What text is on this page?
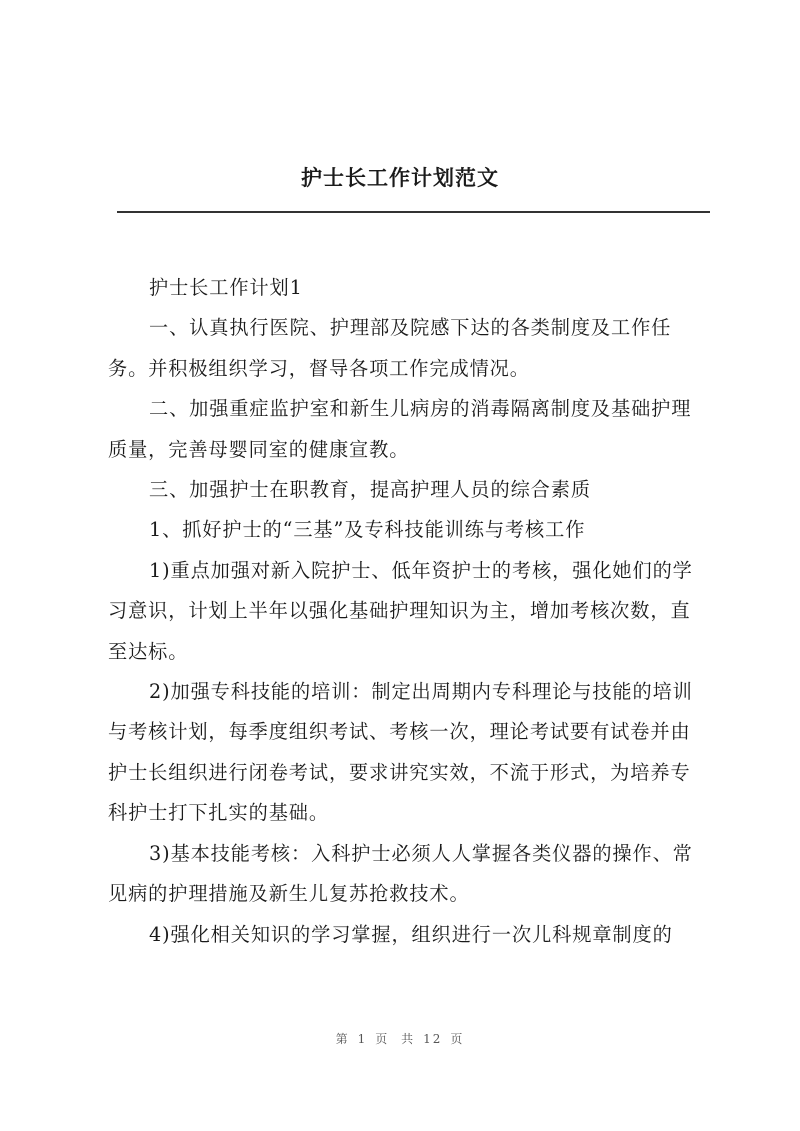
护士长工作计划范文

护士长工作计划1

一、认真执行医院、护理部及院感下达的各类制度及工作任务。并积极组织学习，督导各项工作完成情况。

二、加强重症监护室和新生儿病房的消毒隔离制度及基础护理质量，完善母婴同室的健康宣教。

三、加强护士在职教育，提高护理人员的综合素质

1、抓好护士的“三基”及专科技能训练与考核工作

1)重点加强对新入院护士、低年资护士的考核，强化她们的学习意识，计划上半年以强化基础护理知识为主，增加考核次数，直至达标。

2)加强专科技能的培训：制定出周期内专科理论与技能的培训与考核计划，每季度组织考试、考核一次，理论考试要有试卷并由护士长组织进行闭卷考试，要求讲究实效，不流于形式，为培养专科护士打下扎实的基础。

3)基本技能考核：入科护士必须人人掌握各类仪器的操作、常见病的护理措施及新生儿复苏抢救技术。

4)强化相关知识的学习掌握，组织进行一次儿科规章制度的

第 1 页 共 12 页
